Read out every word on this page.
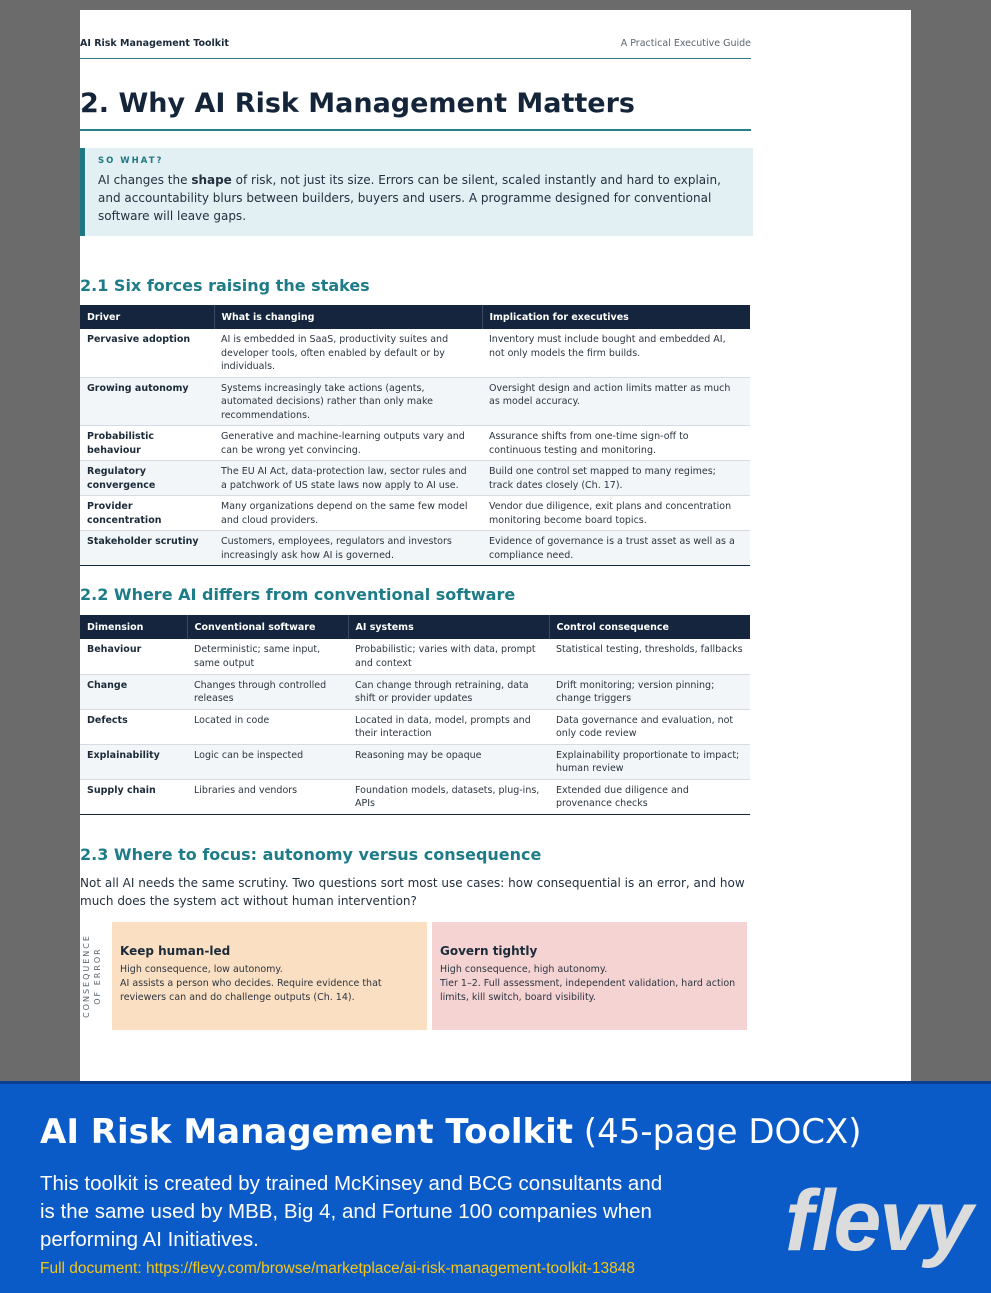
AI Risk Management Toolkit	A Practical Executive Guide
2. Why AI Risk Management Matters
SO WHAT?
AI changes the shape of risk, not just its size. Errors can be silent, scaled instantly and hard to explain, and accountability blurs between builders, buyers and users. A programme designed for conventional software will leave gaps.
2.1 Six forces raising the stakes
Driver	What is changing	Implication for executives
Pervasive adoption	AI is embedded in SaaS, productivity suites and developer tools, often enabled by default or by individuals.	Inventory must include bought and embedded AI, not only models the firm builds.
Growing autonomy	Systems increasingly take actions (agents, automated decisions) rather than only make recommendations.	Oversight design and action limits matter as much as model accuracy.
Probabilistic behaviour	Generative and machine-learning outputs vary and can be wrong yet convincing.	Assurance shifts from one-time sign-off to continuous testing and monitoring.
Regulatory convergence	The EU AI Act, data-protection law, sector rules and a patchwork of US state laws now apply to AI use.	Build one control set mapped to many regimes; track dates closely (Ch. 17).
Provider concentration	Many organizations depend on the same few model and cloud providers.	Vendor due diligence, exit plans and concentration monitoring become board topics.
Stakeholder scrutiny	Customers, employees, regulators and investors increasingly ask how AI is governed.	Evidence of governance is a trust asset as well as a compliance need.
2.2 Where AI differs from conventional software
Dimension	Conventional software	AI systems	Control consequence
Behaviour	Deterministic; same input, same output	Probabilistic; varies with data, prompt and context	Statistical testing, thresholds, fallbacks
Change	Changes through controlled releases	Can change through retraining, data shift or provider updates	Drift monitoring; version pinning; change triggers
Defects	Located in code	Located in data, model, prompts and their interaction	Data governance and evaluation, not only code review
Explainability	Logic can be inspected	Reasoning may be opaque	Explainability proportionate to impact; human review
Supply chain	Libraries and vendors	Foundation models, datasets, plug-ins, APIs	Extended due diligence and provenance checks
2.3 Where to focus: autonomy versus consequence

Not all AI needs the same scrutiny. Two questions sort most use cases: how consequential is an error, and how much does the system act without human intervention?

CONSEQUENCE OF ERROR Keep human-led
High consequence, low autonomy.
AI assists a person who decides. Require evidence that reviewers can and do challenge outputs (Ch. 14).
Govern tightly
High consequence, high autonomy.
Tier 1–2. Full assessment, independent validation, hard action limits, kill switch, board visibility.
AI Risk Management Toolkit (45-page DOCX)
This toolkit is created by trained McKinsey and BCG consultants and is the same used by MBB, Big 4, and Fortune 100 companies when performing AI Initiatives.
Full document: https://flevy.com/browse/marketplace/ai-risk-management-toolkit-13848 flevy
